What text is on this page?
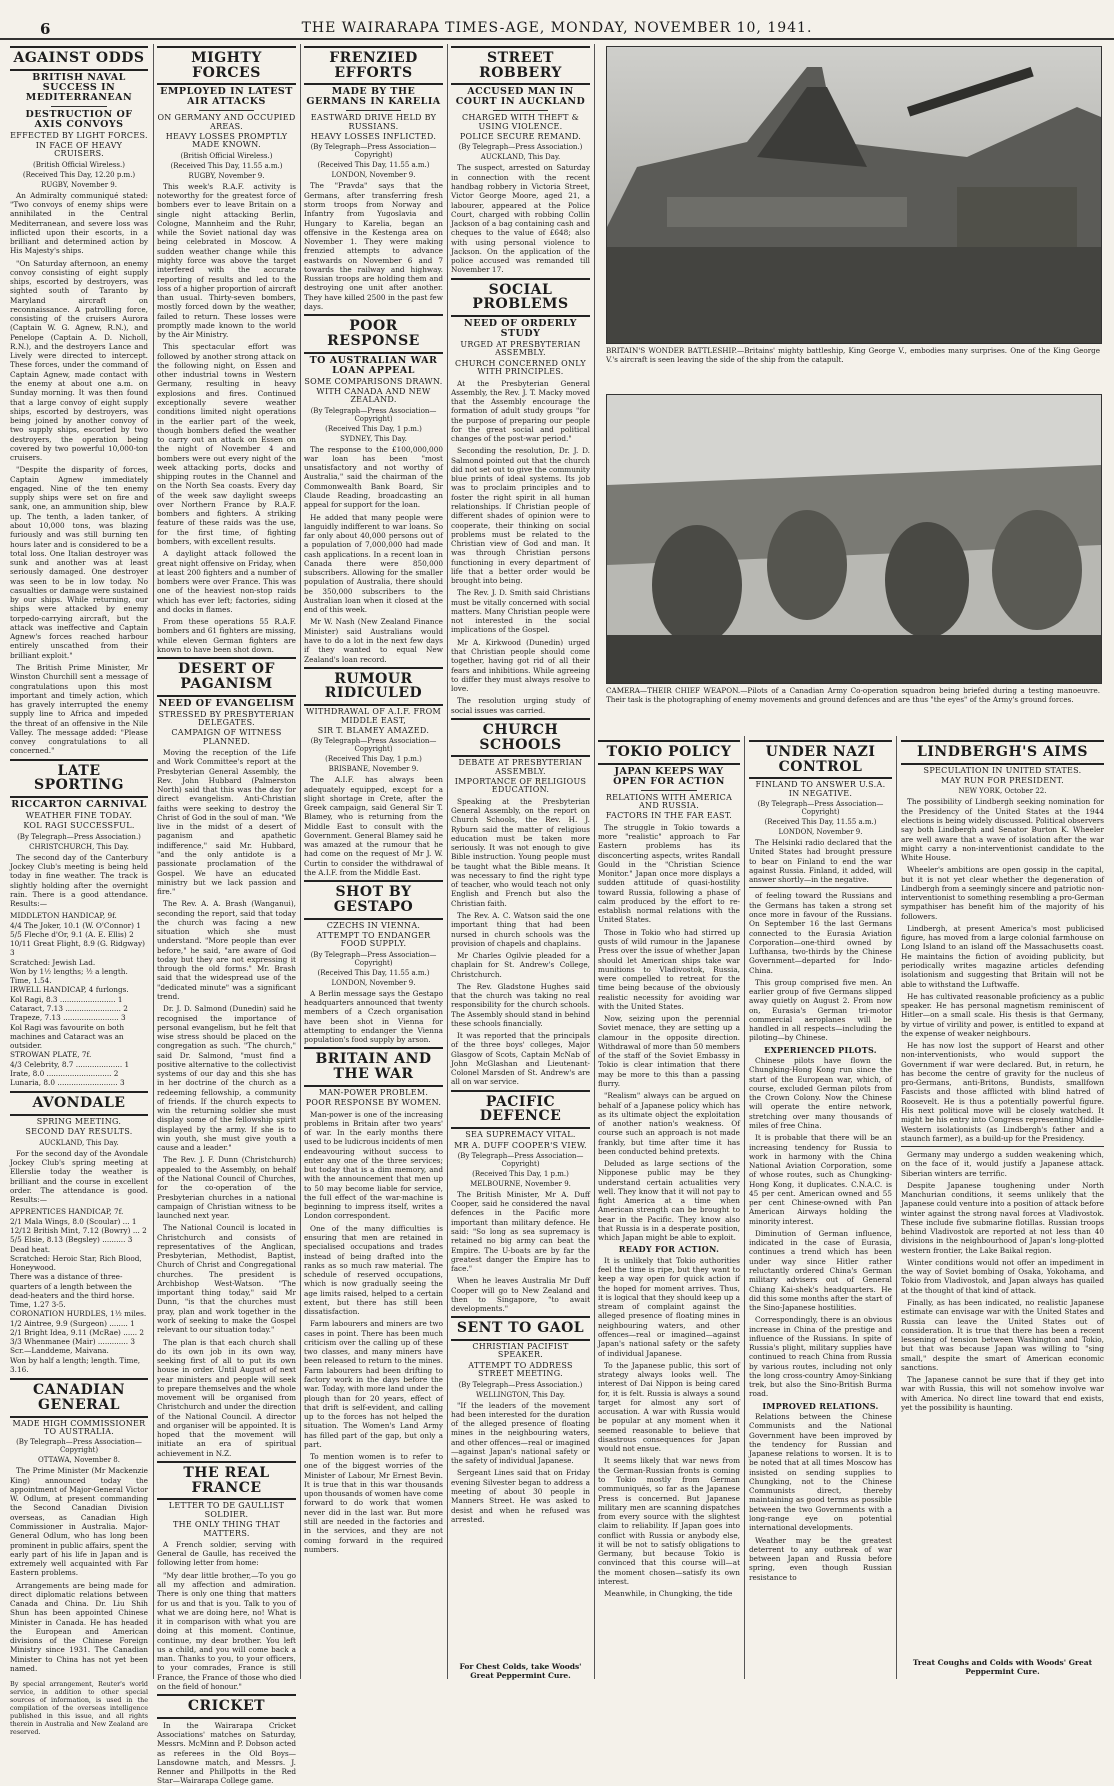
6	THE WAIRARAPA TIMES-AGE, MONDAY, NOVEMBER 10, 1941.
AGAINST ODDS
BRITISH NAVAL SUCCESS IN MEDITERRANEAN
DESTRUCTION OF AXIS CONVOYS
EFFECTED BY LIGHT FORCES.
IN FACE OF HEAVY CRUISERS.
(British Official Wireless.)
(Received This Day, 12.20 p.m.)
RUGBY, November 9.

An Admiralty communiqué stated: "Two convoys of enemy ships were annihilated in the Central Mediterranean, and severe loss was inflicted upon their escorts, in a brilliant and determined action by His Majesty's ships.

"On Saturday afternoon, an enemy convoy consisting of eight supply ships, escorted by destroyers, was sighted south of Taranto by Maryland aircraft on reconnaissance. A patrolling force, consisting of the cruisers Aurora (Captain W. G. Agnew, R.N.), and Penelope (Captain A. D. Nicholl, R.N.), and the destroyers Lance and Lively were directed to intercept. These forces, under the command of Captain Agnew, made contact with the enemy at about one a.m. on Sunday morning. It was then found that a large convoy of eight supply ships, escorted by destroyers, was being joined by another convoy of two supply ships, escorted by two destroyers, the operation being covered by two powerful 10,000-ton cruisers.

"Despite the disparity of forces, Captain Agnew immediately engaged. Nine of the ten enemy supply ships were set on fire and sank, one, an ammunition ship, blew up. The tenth, a laden tanker, of about 10,000 tons, was blazing furiously and was still burning ten hours later and is considered to be a total loss. One Italian destroyer was sunk and another was at least seriously damaged. One destroyer was seen to be in low today. No casualties or damage were sustained by our ships. While returning, our ships were attacked by enemy torpedo-carrying aircraft, but the attack was ineffective and Captain Agnew's forces reached harbour entirely unscathed from their brilliant exploit."

The British Prime Minister, Mr Winston Churchill sent a message of congratulations upon this most important and timely action, which has gravely interrupted the enemy supply line to Africa and impeded the threat of an offensive in the Nile Valley. The message added: "Please convey congratulations to all concerned."

LATE SPORTING
RICCARTON CARNIVAL
WEATHER FINE TODAY.
KOL RAGI SUCCESSFUL.
(By Telegraph—Press Association.)
CHRISTCHURCH, This Day.

The second day of the Canterbury Jockey Club's meeting is being held today in fine weather. The track is slightly holding after the overnight rain. There is a good attendance. Results:—

MIDDLETON HANDICAP, 9f.

4/4 The Joker, 10.1 (W. O'Connor) 1

5/5 Fleche d'Or, 9.1 (A. E. Ellis) 2

10/11 Great Flight, 8.9 (G. Ridgway) 3

Scratched: Jewish Lad.

Won by 1½ lengths; ½ a length. Time, 1.54.

IRWELL HANDICAP, 4 furlongs.

Kol Ragi, 8.3 ........................ 1

Cataract, 7.13 ........................ 2

Trapeze, 7.13 ........................ 3

Kol Ragi was favourite on both machines and Cataract was an outsider.

STROWAN PLATE, 7f.

4/3 Celebrity, 8.7 .................... 1

Irate, 8.0 ............................ 2

Lunaria, 8.0 .......................... 3

AVONDALE
SPRING MEETING.
SECOND DAY RESULTS.
AUCKLAND, This Day.

For the second day of the Avondale Jockey Club's spring meeting at Ellerslie today the weather is brilliant and the course in excellent order. The attendance is good. Results:—

APPRENTICES HANDICAP, 7f.

2/1 Mala Wings, 8.0 (Scoular) ... 1

12/12 British Mint, 7.12 (Bowry) ... 2

5/5 Elsie, 8.13 (Begsley) .......... 3

Dead heat.

Scratched: Heroic Star, Rich Blood, Honeywood.

There was a distance of three-quarters of a length between the dead-heaters and the third horse. Time, 1.27 3-5.

CORONATION HURDLES, 1½ miles.

1/2 Aintree, 9.9 (Surgeon) ........ 1

2/1 Bright Idea, 9.11 (McRae) ...... 2

3/3 Whenmanee (Mair) ............. 3

Scr.—Landdeme, Maivana.

Won by half a length; length. Time, 3.16.

CANADIAN GENERAL
MADE HIGH COMMISSIONER TO AUSTRALIA.
(By Telegraph—Press Association—Copyright)
OTTAWA, November 8.

The Prime Minister (Mr Mackenzie King) announced today the appointment of Major-General Victor W. Odlum, at present commanding the Second Canadian Division overseas, as Canadian High Commissioner in Australia. Major-General Odlum, who has long been prominent in public affairs, spent the early part of his life in Japan and is extremely well acquainted with Far Eastern problems.

Arrangements are being made for direct diplomatic relations between Canada and China. Dr. Liu Shih Shun has been appointed Chinese Minister in Canada. He has headed the European and American divisions of the Chinese Foreign Ministry since 1931. The Canadian Minister to China has not yet been named.

By special arrangement, Reuter's world service, in addition to other special sources of information, is used in the compilation of the overseas intelligence published in this issue, and all rights therein in Australia and New Zealand are reserved.

MIGHTY FORCES
EMPLOYED IN LATEST AIR ATTACKS
ON GERMANY AND OCCUPIED AREAS.
HEAVY LOSSES PROMPTLY MADE KNOWN.
(British Official Wireless.)
(Received This Day, 11.55 a.m.)
RUGBY, November 9.

This week's R.A.F. activity is noteworthy for the greatest force of bombers ever to leave Britain on a single night attacking Berlin, Cologne, Mannheim and the Ruhr, while the Soviet national day was being celebrated in Moscow. A sudden weather change while this mighty force was above the target interfered with the accurate reporting of results and led to the loss of a higher proportion of aircraft than usual. Thirty-seven bombers, mostly forced down by the weather, failed to return. These losses were promptly made known to the world by the Air Ministry.

This spectacular effort was followed by another strong attack on the following night, on Essen and other industrial towns in Western Germany, resulting in heavy explosions and fires. Continued exceptionally severe weather conditions limited night operations in the earlier part of the week, though bombers defied the weather to carry out an attack on Essen on the night of November 4 and bombers were out every night of the week attacking ports, docks and shipping routes in the Channel and on the North Sea coasts. Every day of the week saw daylight sweeps over Northern France by R.A.F. bombers and fighters. A striking feature of these raids was the use, for the first time, of fighting bombers, with excellent results.

A daylight attack followed the great night offensive on Friday, when at least 200 fighters and a number of bombers were over France. This was one of the heaviest non-stop raids which has ever left; factories, siding and docks in flames.

From these operations 55 R.A.F. bombers and 61 fighters are missing, while eleven German fighters are known to have been shot down.

DESERT OF PAGANISM
NEED OF EVANGELISM
STRESSED BY PRESBYTERIAN DELEGATES.
CAMPAIGN OF WITNESS PLANNED.

Moving the reception of the Life and Work Committee's report at the Presbyterian General Assembly, the Rev. John Hubbard (Palmerston North) said that this was the day for direct evangelism. Anti-Christian faiths were seeking to destroy the Christ of God in the soul of man. "We live in the midst of a desert of paganism and apathetic indifference," said Mr. Hubbard, "and the only antidote is a passionate proclamation of the Gospel. We have an educated ministry but we lack passion and fire."

The Rev. A. A. Brash (Wanganui), seconding the report, said that today the church was facing a new situation which she must understand. "More people than ever before," he said, "are aware of God today but they are not expressing it through the old forms." Mr. Brash said that the widespread use of the "dedicated minute" was a significant trend.

Dr. J. D. Salmond (Dunedin) said he recognised the importance of personal evangelism, but he felt that wise stress should be placed on the congregation as such. "The church," said Dr. Salmond, "must find a positive alternative to the collectivist systems of our day and this she has in her doctrine of the church as a redeeming fellowship, a community of friends. If the church expects to win the returning soldier she must display some of the fellowship spirit displayed by the army. If she is to win youth, she must give youth a cause and a leader."

The Rev. J. F. Dunn (Christchurch) appealed to the Assembly, on behalf of the National Council of Churches, for the co-operation of the Presbyterian churches in a national campaign of Christian witness to be launched next year.

The National Council is located in Christchurch and consists of representatives of the Anglican, Presbyterian, Methodist, Baptist, Church of Christ and Congregational churches. The president is Archbishop West-Watson. "The important thing today," said Mr Dunn, "is that the churches must pray, plan and work together in the work of seeking to make the Gospel relevant to our situation today."

The plan is that each church shall do its own job in its own way, seeking first of all to put its own house in order. Until August of next year ministers and people will seek to prepare themselves and the whole movement will be organised from Christchurch and under the direction of the National Council. A director and organiser will be appointed. It is hoped that the movement will initiate an era of spiritual achievement in N.Z.

THE REAL FRANCE
LETTER TO DE GAULLIST SOLDIER.
THE ONLY THING THAT MATTERS.

A French soldier, serving with General de Gaulle, has received the following letter from home:

"My dear little brother,—To you go all my affection and admiration. There is only one thing that matters for us and that is you. Talk to you of what we are doing here, no! What is it in comparison with what you are doing at this moment. Continue, continue, my dear brother. You left us a child, and you will come back a man. Thanks to you, to your officers, to your comrades, France is still France, the France of those who died on the field of honour."

CRICKET

In the Wairarapa Cricket Associations' matches on Saturday, Messrs. McMinn and P. Dobson acted as referees in the Old Boys—Lansdowne match, and Messrs. J. Renner and Phillpotts in the Red Star—Wairarapa College game.

FRENZIED EFFORTS
MADE BY THE GERMANS IN KARELIA
EASTWARD DRIVE HELD BY RUSSIANS.
HEAVY LOSSES INFLICTED.
(By Telegraph—Press Association—Copyright)
(Received This Day, 11.55 a.m.)
LONDON, November 9.

The "Pravda" says that the Germans, after transferring fresh storm troops from Norway and Infantry from Yugoslavia and Hungary to Karelia, began an offensive in the Kestenga area on November 1. They were making frenzied attempts to advance eastwards on November 6 and 7 towards the railway and highway. Russian troops are holding them and destroying one unit after another. They have killed 2500 in the past few days.

POOR RESPONSE
TO AUSTRALIAN WAR LOAN APPEAL
SOME COMPARISONS DRAWN.
WITH CANADA AND NEW ZEALAND.
(By Telegraph—Press Association—Copyright)
(Received This Day, 1 p.m.)
SYDNEY, This Day.

The response to the £100,000,000 war loan has been "most unsatisfactory and not worthy of Australia," said the chairman of the Commonwealth Bank Board, Sir Claude Reading, broadcasting an appeal for support for the loan.

He added that many people were languidly indifferent to war loans. So far only about 40,000 persons out of a population of 7,000,000 had made cash applications. In a recent loan in Canada there were 850,000 subscribers. Allowing for the smaller population of Australia, there should be 350,000 subscribers to the Australian loan when it closed at the end of this week.

Mr W. Nash (New Zealand Finance Minister) said Australians would have to do a lot in the next few days if they wanted to equal New Zealand's loan record.

RUMOUR RIDICULED
WITHDRAWAL OF A.I.F. FROM MIDDLE EAST,
SIR T. BLAMEY AMAZED.
(By Telegraph—Press Association—Copyright)
(Received This Day, 1 p.m.)
BRISBANE, November 9.

The A.I.F. has always been adequately equipped, except for a slight shortage in Crete, after the Greek campaign, said General Sir T. Blamey, who is returning from the Middle East to consult with the Government. General Blamey said he was amazed at the rumour that he had come on the request of Mr J. W. Curtin to consider the withdrawal of the A.I.F. from the Middle East.

SHOT BY GESTAPO
CZECHS IN VIENNA.
ATTEMPT TO ENDANGER FOOD SUPPLY.
(By Telegraph—Press Association—Copyright)
(Received This Day, 11.55 a.m.)
LONDON, November 9.

A Berlin message says the Gestapo headquarters announced that twenty members of a Czech organisation have been shot in Vienna for attempting to endanger the Vienna population's food supply by arson.

BRITAIN AND THE WAR
MAN-POWER PROBLEM.
POOR RESPONSE BY WOMEN.

Man-power is one of the increasing problems in Britain after two years' of war. In the early months there used to be ludicrous incidents of men endeavouring without success to enter any one of the three services; but today that is a dim memory, and with the announcement that men up to 50 may become liable for service, the full effect of the war-machine is beginning to impress itself, writes a London correspondent.

One of the many difficulties is ensuring that men are retained in specialised occupations and trades instead of being drafted into the ranks as so much raw material. The schedule of reserved occupations, which is now gradually seeing the age limits raised, helped to a certain extent, but there has still been dissatisfaction.

Farm labourers and miners are two cases in point. There has been much criticism over the calling up of these two classes, and many miners have been released to return to the mines. Farm labourers had been drifting to factory work in the days before the war. Today, with more land under the plough than for 20 years, effect of that drift is self-evident, and calling up to the forces has not helped the situation. The Women's Land Army has filled part of the gap, but only a part.

To mention women is to refer to one of the biggest worries of the Minister of Labour, Mr Ernest Bevin. It is true that in this war thousands upon thousands of women have come forward to do work that women never did in the last war. But more still are needed in the factories and in the services, and they are not coming forward in the required numbers.

STREET ROBBERY
ACCUSED MAN IN COURT IN AUCKLAND
CHARGED WITH THEFT & USING VIOLENCE.
POLICE SECURE REMAND.
(By Telegraph—Press Association.)
AUCKLAND, This Day.

The suspect, arrested on Saturday in connection with the recent handbag robbery in Victoria Street, Victor George Moore, aged 21, a labourer, appeared at the Police Court, charged with robbing Collin Jackson of a bag containing cash and cheques to the value of £648; also with using personal violence to Jackson. On the application of the police accused was remanded till November 17.

SOCIAL PROBLEMS
NEED OF ORDERLY STUDY
URGED AT PRESBYTERIAN ASSEMBLY.
CHURCH CONCERNED ONLY WITH PRINCIPLES.

At the Presbyterian General Assembly, the Rev. J. T. Macky moved that the Assembly encourage the formation of adult study groups "for the purpose of preparing our people for the great social and political changes of the post-war period."

Seconding the resolution, Dr. J. D. Salmond pointed out that the church did not set out to give the community blue prints of ideal systems. Its job was to proclaim principles and to foster the right spirit in all human relationships. If Christian people of different shades of opinion were to cooperate, their thinking on social problems must be related to the Christian view of God and man. It was through Christian persons functioning in every department of life that a better order would be brought into being.

The Rev. J. D. Smith said Christians must be vitally concerned with social matters. Many Christian people were not interested in the social implications of the Gospel.

Mr A. Kirkwood (Dunedin) urged that Christian people should come together, having got rid of all their fears and inhibitions. While agreeing to differ they must always resolve to love.

The resolution urging study of social issues was carried.

CHURCH SCHOOLS
DEBATE AT PRESBYTERIAN ASSEMBLY.
IMPORTANCE OF RELIGIOUS EDUCATION.

Speaking at the Presbyterian General Assembly, on the report on Church Schools, the Rev. H. J. Ryburn said the matter of religious education must be taken more seriously. It was not enough to give Bible instruction. Young people must be taught what the Bible means. It was necessary to find the right type of teacher, who would teach not only English and French but also the Christian faith.

The Rev. A. C. Watson said the one important thing that had been nursed in church schools was the provision of chapels and chaplains.

Mr Charles Ogilvie pleaded for a chaplain for St. Andrew's College, Christchurch.

The Rev. Gladstone Hughes said that the church was taking no real responsibility for the church schools. The Assembly should stand in behind these schools financially.

It was reported that the principals of the three boys' colleges, Major Glasgow of Scots, Captain McNab of John McGlashan and Lieutenant-Colonel Marsden of St. Andrew's are all on war service.

PACIFIC DEFENCE
SEA SUPREMACY VITAL.
MR A. DUFF COOPER'S VIEW.
(By Telegraph—Press Association—Copyright)
(Received This Day, 1 p.m.)
MELBOURNE, November 9.

The British Minister, Mr A. Duff Cooper, said he considered the naval defences in the Pacific more important than military defence. He said: "So long as sea supremacy is retained no big army can beat the Empire. The U-boats are by far the greatest danger the Empire has to face."

When he leaves Australia Mr Duff Cooper will go to New Zealand and then to Singapore, "to await developments."

SENT TO GAOL
CHRISTIAN PACIFIST SPEAKER.
ATTEMPT TO ADDRESS STREET MEETING.
(By Telegraph—Press Association.)
WELLINGTON, This Day.

"If the leaders of the movement had been interested for the duration of the alleged presence of floating mines in the neighbouring waters, and other offences—real or imagined—against Japan's national safety or the safety of individual Japanese.

Sergeant Lines said that on Friday evening Silvester began to address a meeting of about 30 people in Manners Street. He was asked to desist and when he refused was arrested.

For Chest Colds, take Woods' Great Peppermint Cure.
BRITAIN'S WONDER BATTLESHIP.—Britains' mighty battleship, King George V., embodies many surprises. One of the King George V.'s aircraft is seen leaving the side of the ship from the catapult.
CAMERA—THEIR CHIEF WEAPON.—Pilots of a Canadian Army Co-operation squadron being briefed during a testing manoeuvre. Their task is the photographing of enemy movements and ground defences and are thus "the eyes" of the Army's ground forces.
TOKIO POLICY
JAPAN KEEPS WAY OPEN FOR ACTION
RELATIONS WITH AMERICA AND RUSSIA.
FACTORS IN THE FAR EAST.

The struggle in Tokio towards a more "realistic" approach to Far Eastern problems has its disconcerting aspects, writes Randall Gould in the "Christian Science Monitor." Japan once more displays a sudden attitude of quasi-hostility toward Russia, following a phase of calm produced by the effort to re-establish normal relations with the United States.

Those in Tokio who had stirred up gusts of wild rumour in the Japanese Press over the issue of whether Japan should let American ships take war munitions to Vladivostok, Russia, were compelled to retreat for the time being because of the obviously realistic necessity for avoiding war with the United States.

Now, seizing upon the perennial Soviet menace, they are setting up a clamour in the opposite direction. Withdrawal of more than 50 members of the staff of the Soviet Embassy in Tokio is clear intimation that there may be more to this than a passing flurry.

"Realism" always can be argued on behalf of a Japanese policy which has as its ultimate object the exploitation of another nation's weakness. Of course such an approach is not made frankly, but time after time it has been conducted behind pretexts.

Deluded as large sections of the Nipponese public may be they understand certain actualities very well. They know that it will not pay to fight America at a time when American strength can be brought to bear in the Pacific. They know also that Russia is in a desperate position, which Japan might be able to exploit.

READY FOR ACTION.

It is unlikely that Tokio authorities feel the time is ripe, but they want to keep a way open for quick action if the hoped for moment arrives. Thus, it is logical that they should keep up a stream of complaint against the alleged presence of floating mines in neighbouring waters, and other offences—real or imagined—against Japan's national safety or the safety of individual Japanese.

To the Japanese public, this sort of strategy always looks well. The interest of Dai Nippon is being cared for, it is felt. Russia is always a sound target for almost any sort of accusation. A war with Russia would be popular at any moment when it seemed reasonable to believe that disastrous consequences for Japan would not ensue.

It seems likely that war news from the German-Russian fronts is coming to Tokio mostly from German communiqués, so far as the Japanese Press is concerned. But Japanese military men are scanning dispatches from every source with the slightest claim to reliability. If Japan goes into conflict with Russia or anybody else, it will be not to satisfy obligations to Germany, but because Tokio is convinced that this course will—at the moment chosen—satisfy its own interest.

Meanwhile, in Chungking, the tide

UNDER NAZI CONTROL
FINLAND TO ANSWER U.S.A. IN NEGATIVE.
(By Telegraph—Press Association—Copyright)
(Received This Day, 11.55 a.m.)
LONDON, November 9.

The Helsinki radio declared that the United States had brought pressure to bear on Finland to end the war against Russia. Finland, it added, will answer shortly—in the negative.

of feeling toward the Russians and the Germans has taken a strong set once more in favour of the Russians. On September 16 the last Germans connected to the Eurasia Aviation Corporation—one-third owned by Lufthansa, two-thirds by the Chinese Government—departed for Indo-China.

This group comprised five men. An earlier group of five Germans slipped away quietly on August 2. From now on, Eurasia's German tri-motor commercial aeroplanes will be handled in all respects—including the piloting—by Chinese.

EXPERIENCED PILOTS.

Chinese pilots have flown the Chungking-Hong Kong run since the start of the European war, which, of course, excluded German pilots from the Crown Colony. Now the Chinese will operate the entire network, stretching over many thousands of miles of free China.

It is probable that there will be an increasing tendency for Russia to work in harmony with the China National Aviation Corporation, some of whose routes, such as Chungking-Hong Kong, it duplicates. C.N.A.C. is 45 per cent. American owned and 55 per cent Chinese-owned with Pan American Airways holding the minority interest.

Diminution of German influence, indicated in the case of Eurasia, continues a trend which has been under way since Hitler rather reluctantly ordered China's German military advisers out of General Chiang Kai-shek's headquarters. He did this some months after the start of the Sino-Japanese hostilities.

Correspondingly, there is an obvious increase in China of the prestige and influence of the Russians. In spite of Russia's plight, military supplies have continued to reach China from Russia by various routes, including not only the long cross-country Amoy-Sinkiang trek, but also the Sino-British Burma road.

IMPROVED RELATIONS.

Relations between the Chinese Communists and the National Government have been improved by the tendency for Russian and Japanese relations to worsen. It is to be noted that at all times Moscow has insisted on sending supplies to Chungking, not to the Chinese Communists direct, thereby maintaining as good terms as possible between the two Governments with a long-range eye on potential international developments.

Weather may be the greatest deterrent to any outbreak of war between Japan and Russia before spring, even though Russian resistance to

LINDBERGH'S AIMS
SPECULATION IN UNITED STATES.
MAY RUN FOR PRESIDENT.
NEW YORK, October 22.

The possibility of Lindbergh seeking nomination for the Presidency of the United States at the 1944 elections is being widely discussed. Political observers say both Lindbergh and Senator Burton K. Wheeler are well aware that a wave of isolation after the war might carry a non-interventionist candidate to the White House.

Wheeler's ambitions are open gossip in the capital, but it is not yet clear whether the degeneration of Lindbergh from a seemingly sincere and patriotic non-interventionist to something resembling a pro-German sympathiser has benefit him of the majority of his followers.

Lindbergh, at present America's most publicised figure, has moved from a large colonial farmhouse on Long Island to an island off the Massachusetts coast. He maintains the fiction of avoiding publicity, but periodically writes magazine articles defending isolationism and suggesting that Britain will not be able to withstand the Luftwaffe.

He has cultivated reasonable proficiency as a public speaker. He has personal magnetism reminiscent of Hitler—on a small scale. His thesis is that Germany, by virtue of virility and power, is entitled to expand at the expense of weaker neighbours.

He has now lost the support of Hearst and other non-interventionists, who would support the Government if war were declared. But, in return, he has become the centre of gravity for the nucleus of pro-Germans, anti-Britons, Bundists, smallfown Fascists and those afflicted with blind hatred of Roosevelt. He is thus a potentially powerful figure. His next political move will be closely watched. It might be his entry into Congress representing Middle-Western isolationists (as Lindbergh's father and a staunch farmer), as a build-up for the Presidency.

Germany may undergo a sudden weakening which, on the face of it, would justify a Japanese attack. Siberian winters are terrific.

Despite Japanese toughening under North Manchurian conditions, it seems unlikely that the Japanese could venture into a position of attack before winter against the strong naval forces at Vladivostok. These include five submarine flotillas. Russian troops behind Vladivostok are reported at not less than 40 divisions in the neighbourhood of Japan's long-plotted western frontier, the Lake Baikal region.

Winter conditions would not offer an impediment in the way of Soviet bombing of Osaka, Yokohama, and Tokio from Vladivostok, and Japan always has quailed at the thought of that kind of attack.

Finally, as has been indicated, no realistic Japanese estimate can envisage war with the United States and Russia can leave the United States out of consideration. It is true that there has been a recent lessening of tension between Washington and Tokio, but that was because Japan was willing to "sing small," despite the smart of American economic sanctions.

The Japanese cannot be sure that if they get into war with Russia, this will not somehow involve war with America. No direct line toward that end exists, yet the possibility is haunting.

Treat Coughs and Colds with Woods' Great Peppermint Cure.
